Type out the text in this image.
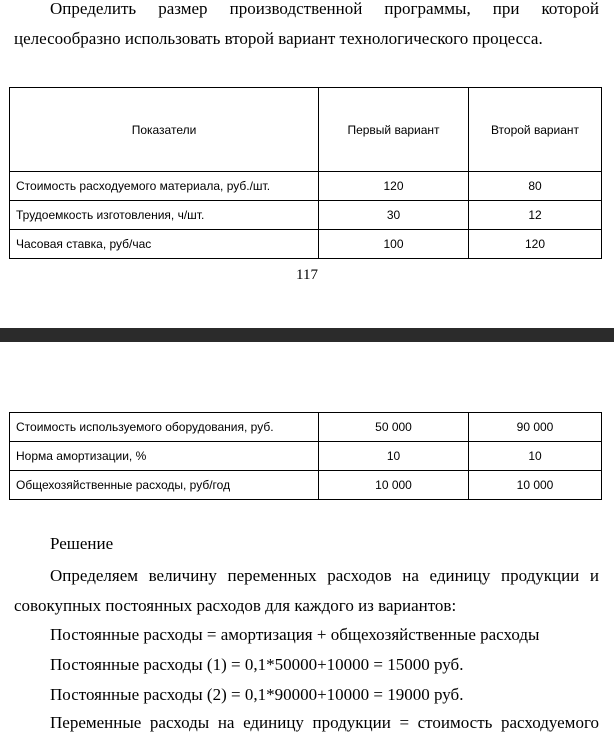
Определить размер производственной программы, при которой

целесообразно использовать второй вариант технологического процесса.

Показатели	Первый вариант	Второй вариант
Стоимость расходуемого материала, руб./шт.	120	80
Трудоемкость изготовления, ч/шт.	30	12
Часовая ставка, руб/час	100	120
117
Стоимость используемого оборудования, руб.	50 000	90 000
Норма амортизации, %	10	10
Общехозяйственные расходы, руб/год	10 000	10 000
Решение

Определяем величину переменных расходов на единицу продукции и

совокупных постоянных расходов для каждого из вариантов:

Постоянные расходы = амортизация + общехозяйственные расходы
Постоянные расходы (1) = 0,1*50000+10000 = 15000 руб.
Постоянные расходы (2) = 0,1*90000+10000 = 19000 руб.

Переменные расходы на единицу продукции = стоимость расходуемого
